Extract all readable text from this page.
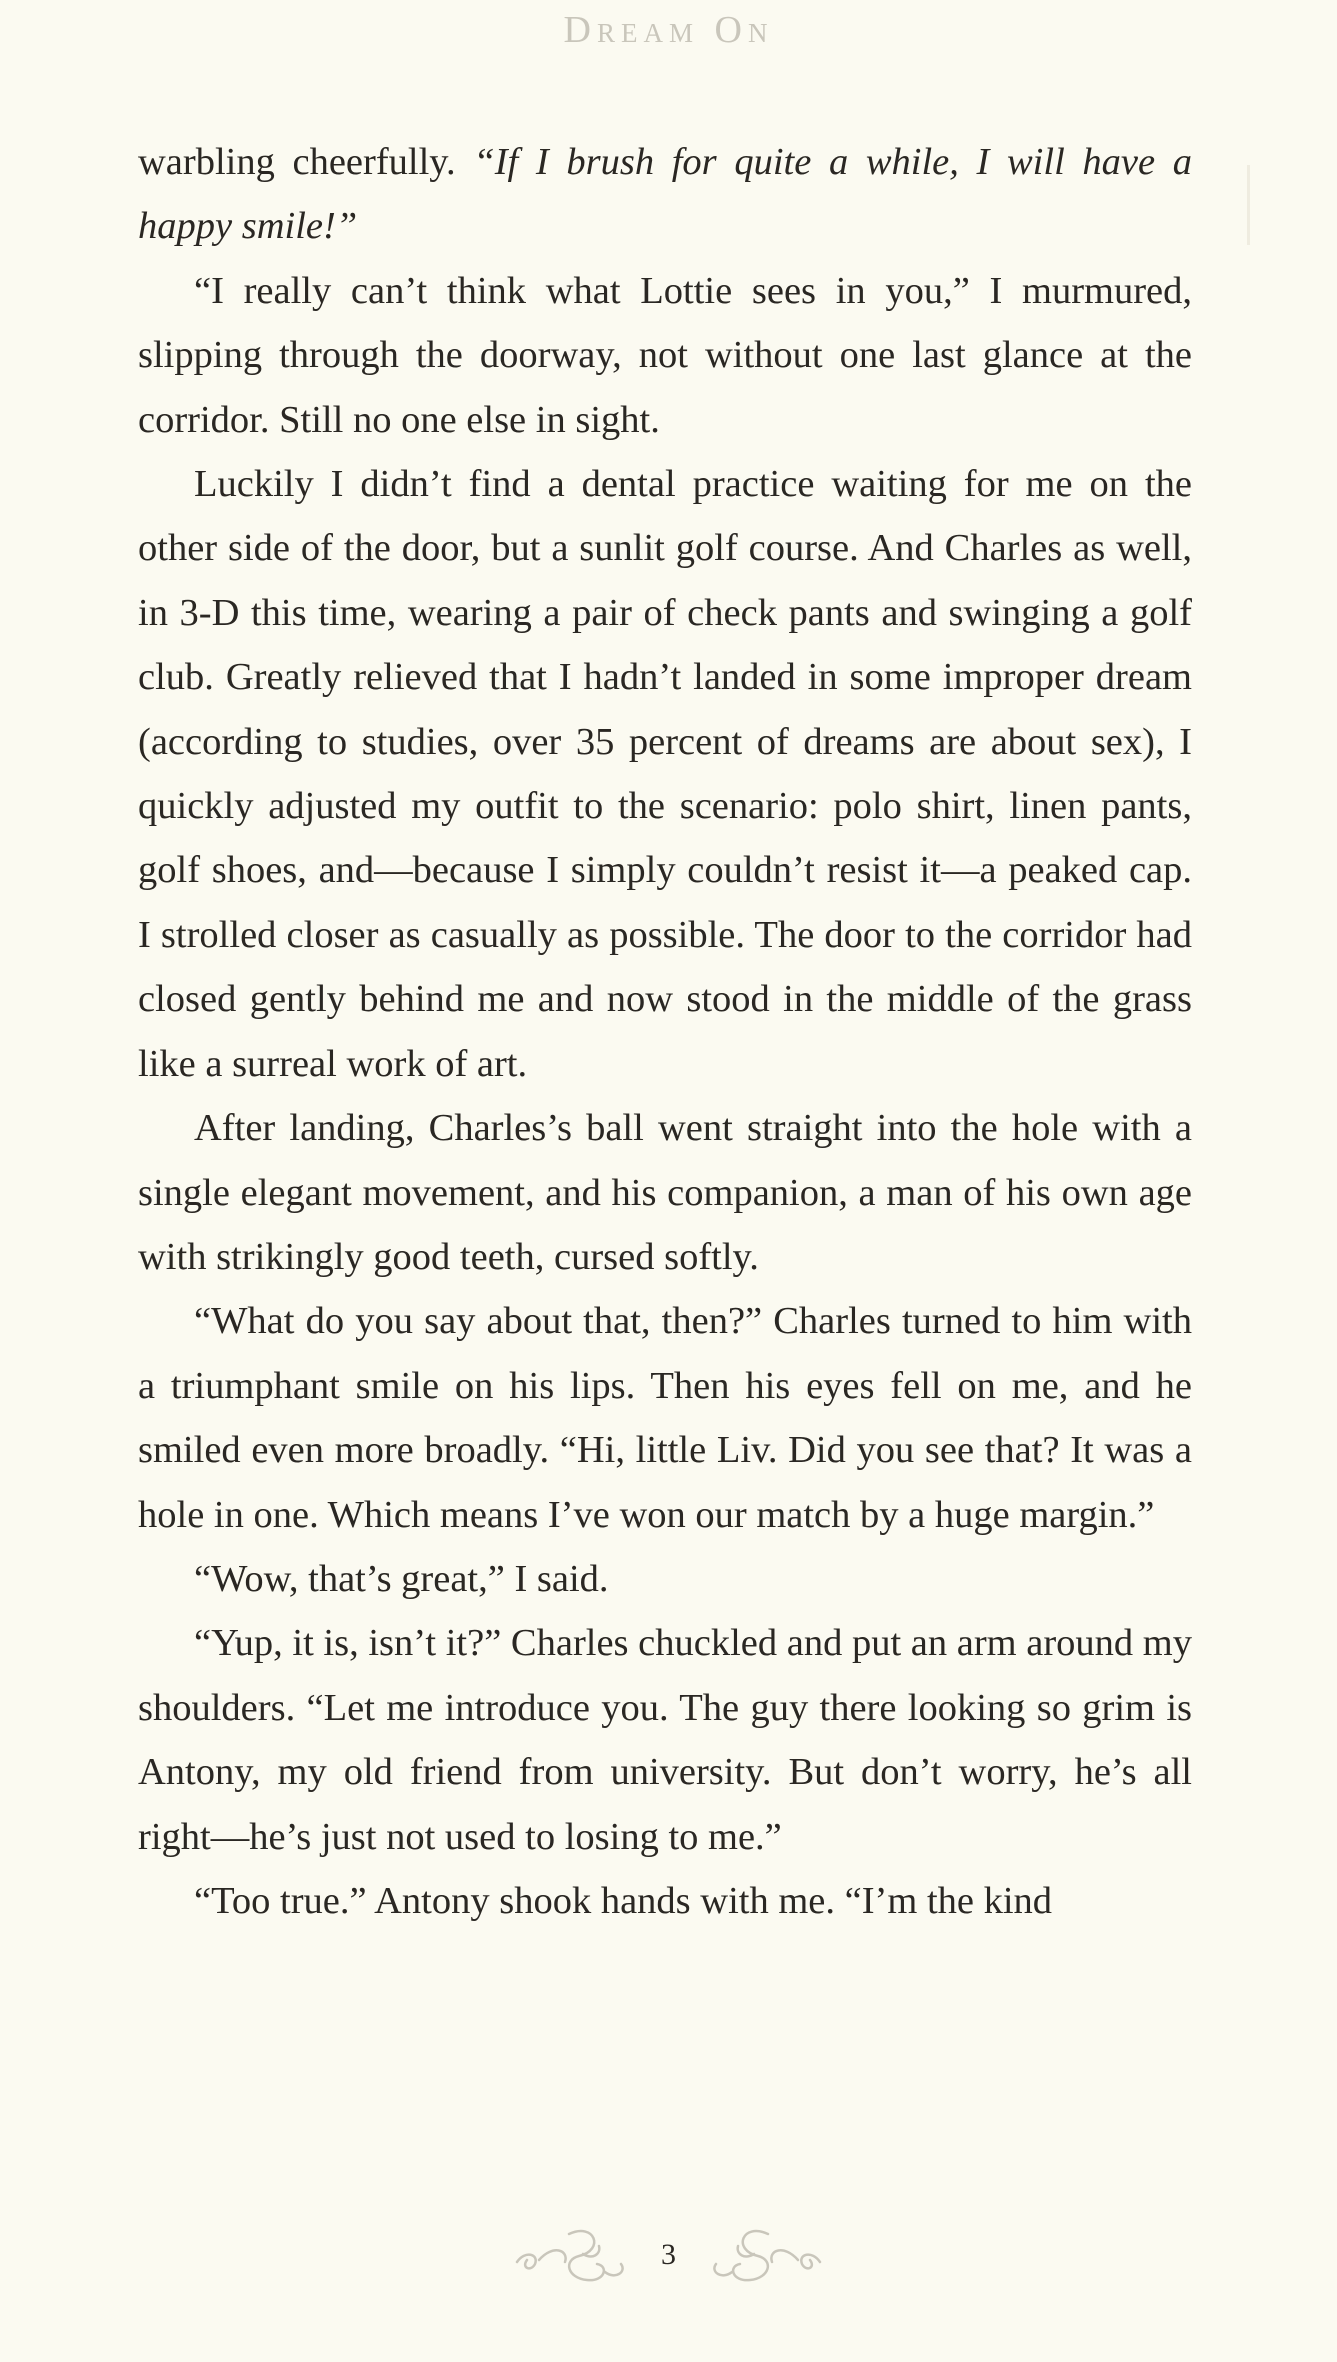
Dream On

warbling cheerfully. “If I brush for quite a while, I will have a happy smile!”

“I really can’t think what Lottie sees in you,” I murmured, slipping through the doorway, not without one last glance at the corridor. Still no one else in sight.

Luckily I didn’t find a dental practice waiting for me on the other side of the door, but a sunlit golf course. And Charles as well, in 3-D this time, wearing a pair of check pants and swinging a golf club. Greatly relieved that I hadn’t landed in some improper dream (according to studies, over 35 percent of dreams are about sex), I quickly adjusted my outfit to the scenario: polo shirt, linen pants, golf shoes, and—because I simply couldn’t resist it—a peaked cap. I strolled closer as casually as possible. The door to the corridor had closed gently behind me and now stood in the middle of the grass like a surreal work of art.

After landing, Charles’s ball went straight into the hole with a single elegant movement, and his companion, a man of his own age with strikingly good teeth, cursed softly.

“What do you say about that, then?” Charles turned to him with a triumphant smile on his lips. Then his eyes fell on me, and he smiled even more broadly. “Hi, little Liv. Did you see that? It was a hole in one. Which means I’ve won our match by a huge margin.”

“Wow, that’s great,” I said.

“Yup, it is, isn’t it?” Charles chuckled and put an arm around my shoulders. “Let me introduce you. The guy there looking so grim is Antony, my old friend from university. But don’t worry, he’s all right—he’s just not used to losing to me.”

“Too true.” Antony shook hands with me. “I’m the kind

3
